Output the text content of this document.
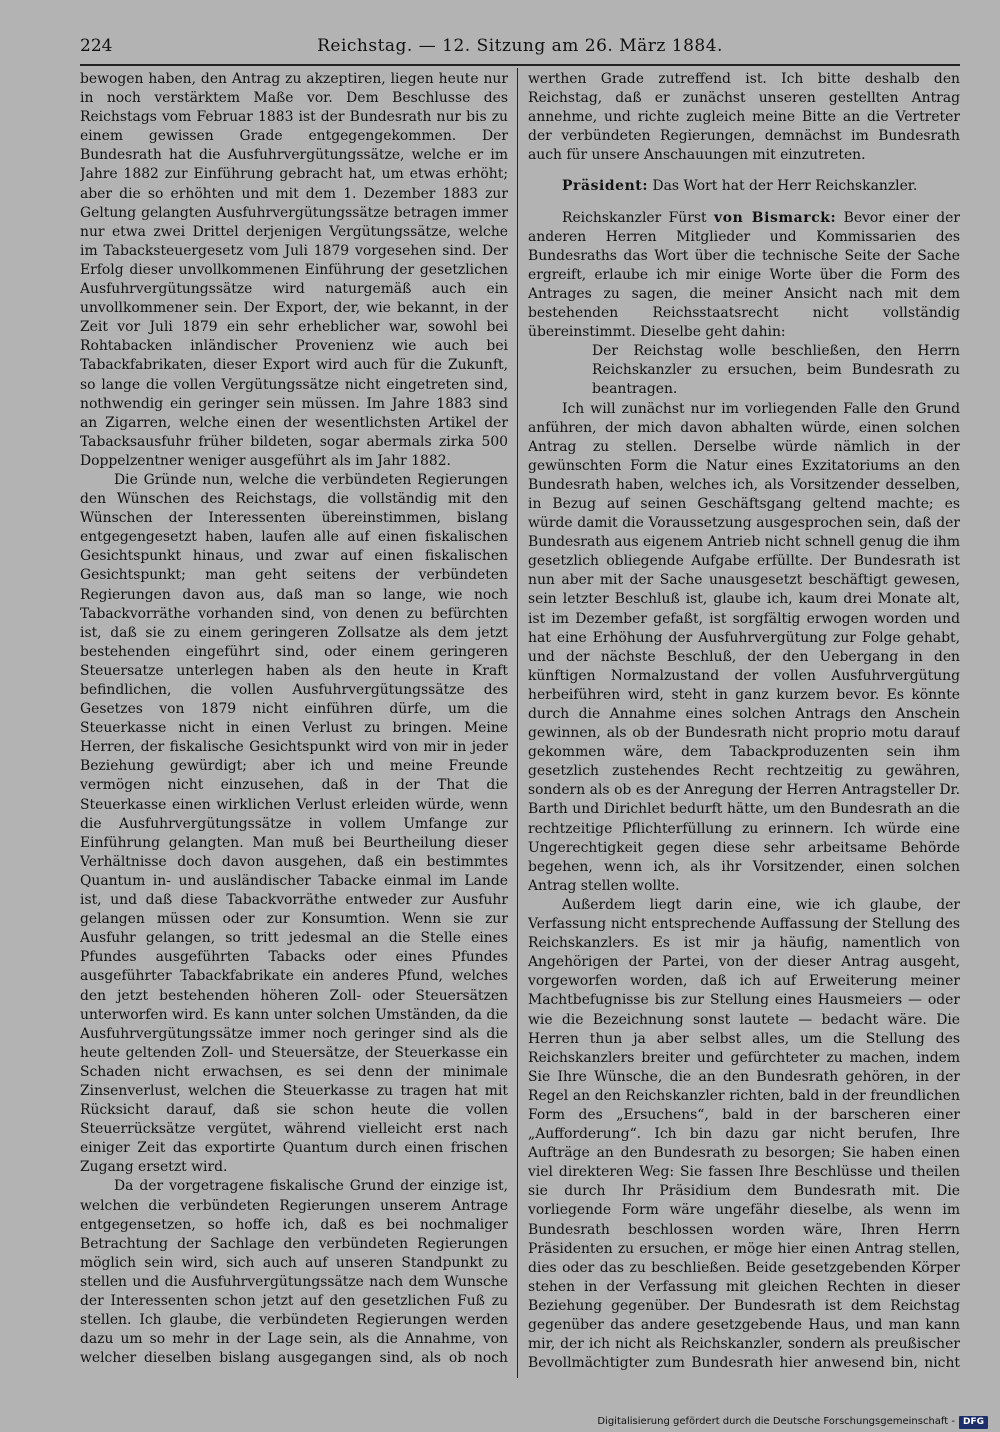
224	Reichstag. — 12. Sitzung am 26. März 1884.

bewogen haben, den Antrag zu akzeptiren, liegen heute nur in noch verstärktem Maße vor. Dem Beschlusse des Reichstags vom Februar 1883 ist der Bundesrath nur bis zu einem gewissen Grade entgegengekommen. Der Bundesrath hat die Ausfuhrvergütungssätze, welche er im Jahre 1882 zur Einführung gebracht hat, um etwas erhöht; aber die so erhöhten und mit dem 1. Dezember 1883 zur Geltung gelangten Ausfuhrvergütungssätze betragen immer nur etwa zwei Drittel derjenigen Vergütungssätze, welche im Tabacksteuergesetz vom Juli 1879 vorgesehen sind. Der Erfolg dieser unvollkommenen Einführung der gesetzlichen Ausfuhrvergütungssätze wird naturgemäß auch ein unvollkommener sein. Der Export, der, wie bekannt, in der Zeit vor Juli 1879 ein sehr erheblicher war, sowohl bei Rohtabacken inländischer Provenienz wie auch bei Tabackfabrikaten, dieser Export wird auch für die Zukunft, so lange die vollen Vergütungssätze nicht eingetreten sind, nothwendig ein geringer sein müssen. Im Jahre 1883 sind an Zigarren, welche einen der wesentlichsten Artikel der Tabacksausfuhr früher bildeten, sogar abermals zirka 500 Doppelzentner weniger ausgeführt als im Jahr 1882.

Die Gründe nun, welche die verbündeten Regierungen den Wünschen des Reichstags, die vollständig mit den Wünschen der Interessenten übereinstimmen, bislang entgegengesetzt haben, laufen alle auf einen fiskalischen Gesichtspunkt hinaus, und zwar auf einen fiskalischen Gesichtspunkt; man geht seitens der verbündeten Regierungen davon aus, daß man so lange, wie noch Tabackvorräthe vorhanden sind, von denen zu befürchten ist, daß sie zu einem geringeren Zollsatze als dem jetzt bestehenden eingeführt sind, oder einem geringeren Steuersatze unterlegen haben als den heute in Kraft befindlichen, die vollen Ausfuhrvergütungssätze des Gesetzes von 1879 nicht einführen dürfe, um die Steuerkasse nicht in einen Verlust zu bringen. Meine Herren, der fiskalische Gesichtspunkt wird von mir in jeder Beziehung gewürdigt; aber ich und meine Freunde vermögen nicht einzusehen, daß in der That die Steuerkasse einen wirklichen Verlust erleiden würde, wenn die Ausfuhrvergütungssätze in vollem Umfange zur Einführung gelangten. Man muß bei Beurtheilung dieser Verhältnisse doch davon ausgehen, daß ein bestimmtes Quantum in- und ausländischer Tabacke einmal im Lande ist, und daß diese Tabackvorräthe entweder zur Ausfuhr gelangen müssen oder zur Konsumtion. Wenn sie zur Ausfuhr gelangen, so tritt jedesmal an die Stelle eines Pfundes ausgeführten Tabacks oder eines Pfundes ausgeführter Tabackfabrikate ein anderes Pfund, welches den jetzt bestehenden höheren Zoll- oder Steuersätzen unterworfen wird. Es kann unter solchen Umständen, da die Ausfuhrvergütungssätze immer noch geringer sind als die heute geltenden Zoll- und Steuersätze, der Steuerkasse ein Schaden nicht erwachsen, es sei denn der minimale Zinsenverlust, welchen die Steuerkasse zu tragen hat mit Rücksicht darauf, daß sie schon heute die vollen Steuerrücksätze vergütet, während vielleicht erst nach einiger Zeit das exportirte Quantum durch einen frischen Zugang ersetzt wird.

Da der vorgetragene fiskalische Grund der einzige ist, welchen die verbündeten Regierungen unserem Antrage entgegensetzen, so hoffe ich, daß es bei nochmaliger Betrachtung der Sachlage den verbündeten Regierungen möglich sein wird, sich auch auf unseren Standpunkt zu stellen und die Ausfuhrvergütungssätze nach dem Wunsche der Interessenten schon jetzt auf den gesetzlichen Fuß zu stellen. Ich glaube, die verbündeten Regierungen werden dazu um so mehr in der Lage sein, als die Annahme, von welcher dieselben bislang ausgegangen sind, als ob noch

werthen Grade zutreffend ist. Ich bitte deshalb den Reichstag, daß er zunächst unseren gestellten Antrag annehme, und richte zugleich meine Bitte an die Vertreter der verbündeten Regierungen, demnächst im Bundesrath auch für unsere Anschauungen mit einzutreten.

Präsident: Das Wort hat der Herr Reichskanzler.

Reichskanzler Fürst von Bismarck: Bevor einer der anderen Herren Mitglieder und Kommissarien des Bundesraths das Wort über die technische Seite der Sache ergreift, erlaube ich mir einige Worte über die Form des Antrages zu sagen, die meiner Ansicht nach mit dem bestehenden Reichsstaatsrecht nicht vollständig übereinstimmt. Dieselbe geht dahin:

Der Reichstag wolle beschließen, den Herrn Reichskanzler zu ersuchen, beim Bundesrath zu beantragen.

Ich will zunächst nur im vorliegenden Falle den Grund anführen, der mich davon abhalten würde, einen solchen Antrag zu stellen. Derselbe würde nämlich in der gewünschten Form die Natur eines Exzitatoriums an den Bundesrath haben, welches ich, als Vorsitzender desselben, in Bezug auf seinen Geschäftsgang geltend machte; es würde damit die Voraussetzung ausgesprochen sein, daß der Bundesrath aus eigenem Antrieb nicht schnell genug die ihm gesetzlich obliegende Aufgabe erfüllte. Der Bundesrath ist nun aber mit der Sache unausgesetzt beschäftigt gewesen, sein letzter Beschluß ist, glaube ich, kaum drei Monate alt, ist im Dezember gefaßt, ist sorgfältig erwogen worden und hat eine Erhöhung der Ausfuhrvergütung zur Folge gehabt, und der nächste Beschluß, der den Uebergang in den künftigen Normalzustand der vollen Ausfuhrvergütung herbeiführen wird, steht in ganz kurzem bevor. Es könnte durch die Annahme eines solchen Antrags den Anschein gewinnen, als ob der Bundesrath nicht proprio motu darauf gekommen wäre, dem Tabackproduzenten sein ihm gesetzlich zustehendes Recht rechtzeitig zu gewähren, sondern als ob es der Anregung der Herren Antragsteller Dr. Barth und Dirichlet bedurft hätte, um den Bundesrath an die rechtzeitige Pflichterfüllung zu erinnern. Ich würde eine Ungerechtigkeit gegen diese sehr arbeitsame Behörde begehen, wenn ich, als ihr Vorsitzender, einen solchen Antrag stellen wollte.

Außerdem liegt darin eine, wie ich glaube, der Verfassung nicht entsprechende Auffassung der Stellung des Reichskanzlers. Es ist mir ja häufig, namentlich von Angehörigen der Partei, von der dieser Antrag ausgeht, vorgeworfen worden, daß ich auf Erweiterung meiner Machtbefugnisse bis zur Stellung eines Hausmeiers — oder wie die Bezeichnung sonst lautete — bedacht wäre. Die Herren thun ja aber selbst alles, um die Stellung des Reichskanzlers breiter und gefürchteter zu machen, indem Sie Ihre Wünsche, die an den Bundesrath gehören, in der Regel an den Reichskanzler richten, bald in der freundlichen Form des „Ersuchens“, bald in der barscheren einer „Aufforderung“. Ich bin dazu gar nicht berufen, Ihre Aufträge an den Bundesrath zu besorgen; Sie haben einen viel direkteren Weg: Sie fassen Ihre Beschlüsse und theilen sie durch Ihr Präsidium dem Bundesrath mit. Die vorliegende Form wäre ungefähr dieselbe, als wenn im Bundesrath beschlossen worden wäre, Ihren Herrn Präsidenten zu ersuchen, er möge hier einen Antrag stellen, dies oder das zu beschließen. Beide gesetzgebenden Körper stehen in der Verfassung mit gleichen Rechten in dieser Beziehung gegenüber. Der Bundesrath ist dem Reichstag gegenüber das andere gesetzgebende Haus, und man kann mir, der ich nicht als Reichskanzler, sondern als preußischer Bevollmächtigter zum Bundesrath hier anwesend bin, nicht

Digitalisierung gefördert durch die Deutsche Forschungsgemeinschaft - DFG
